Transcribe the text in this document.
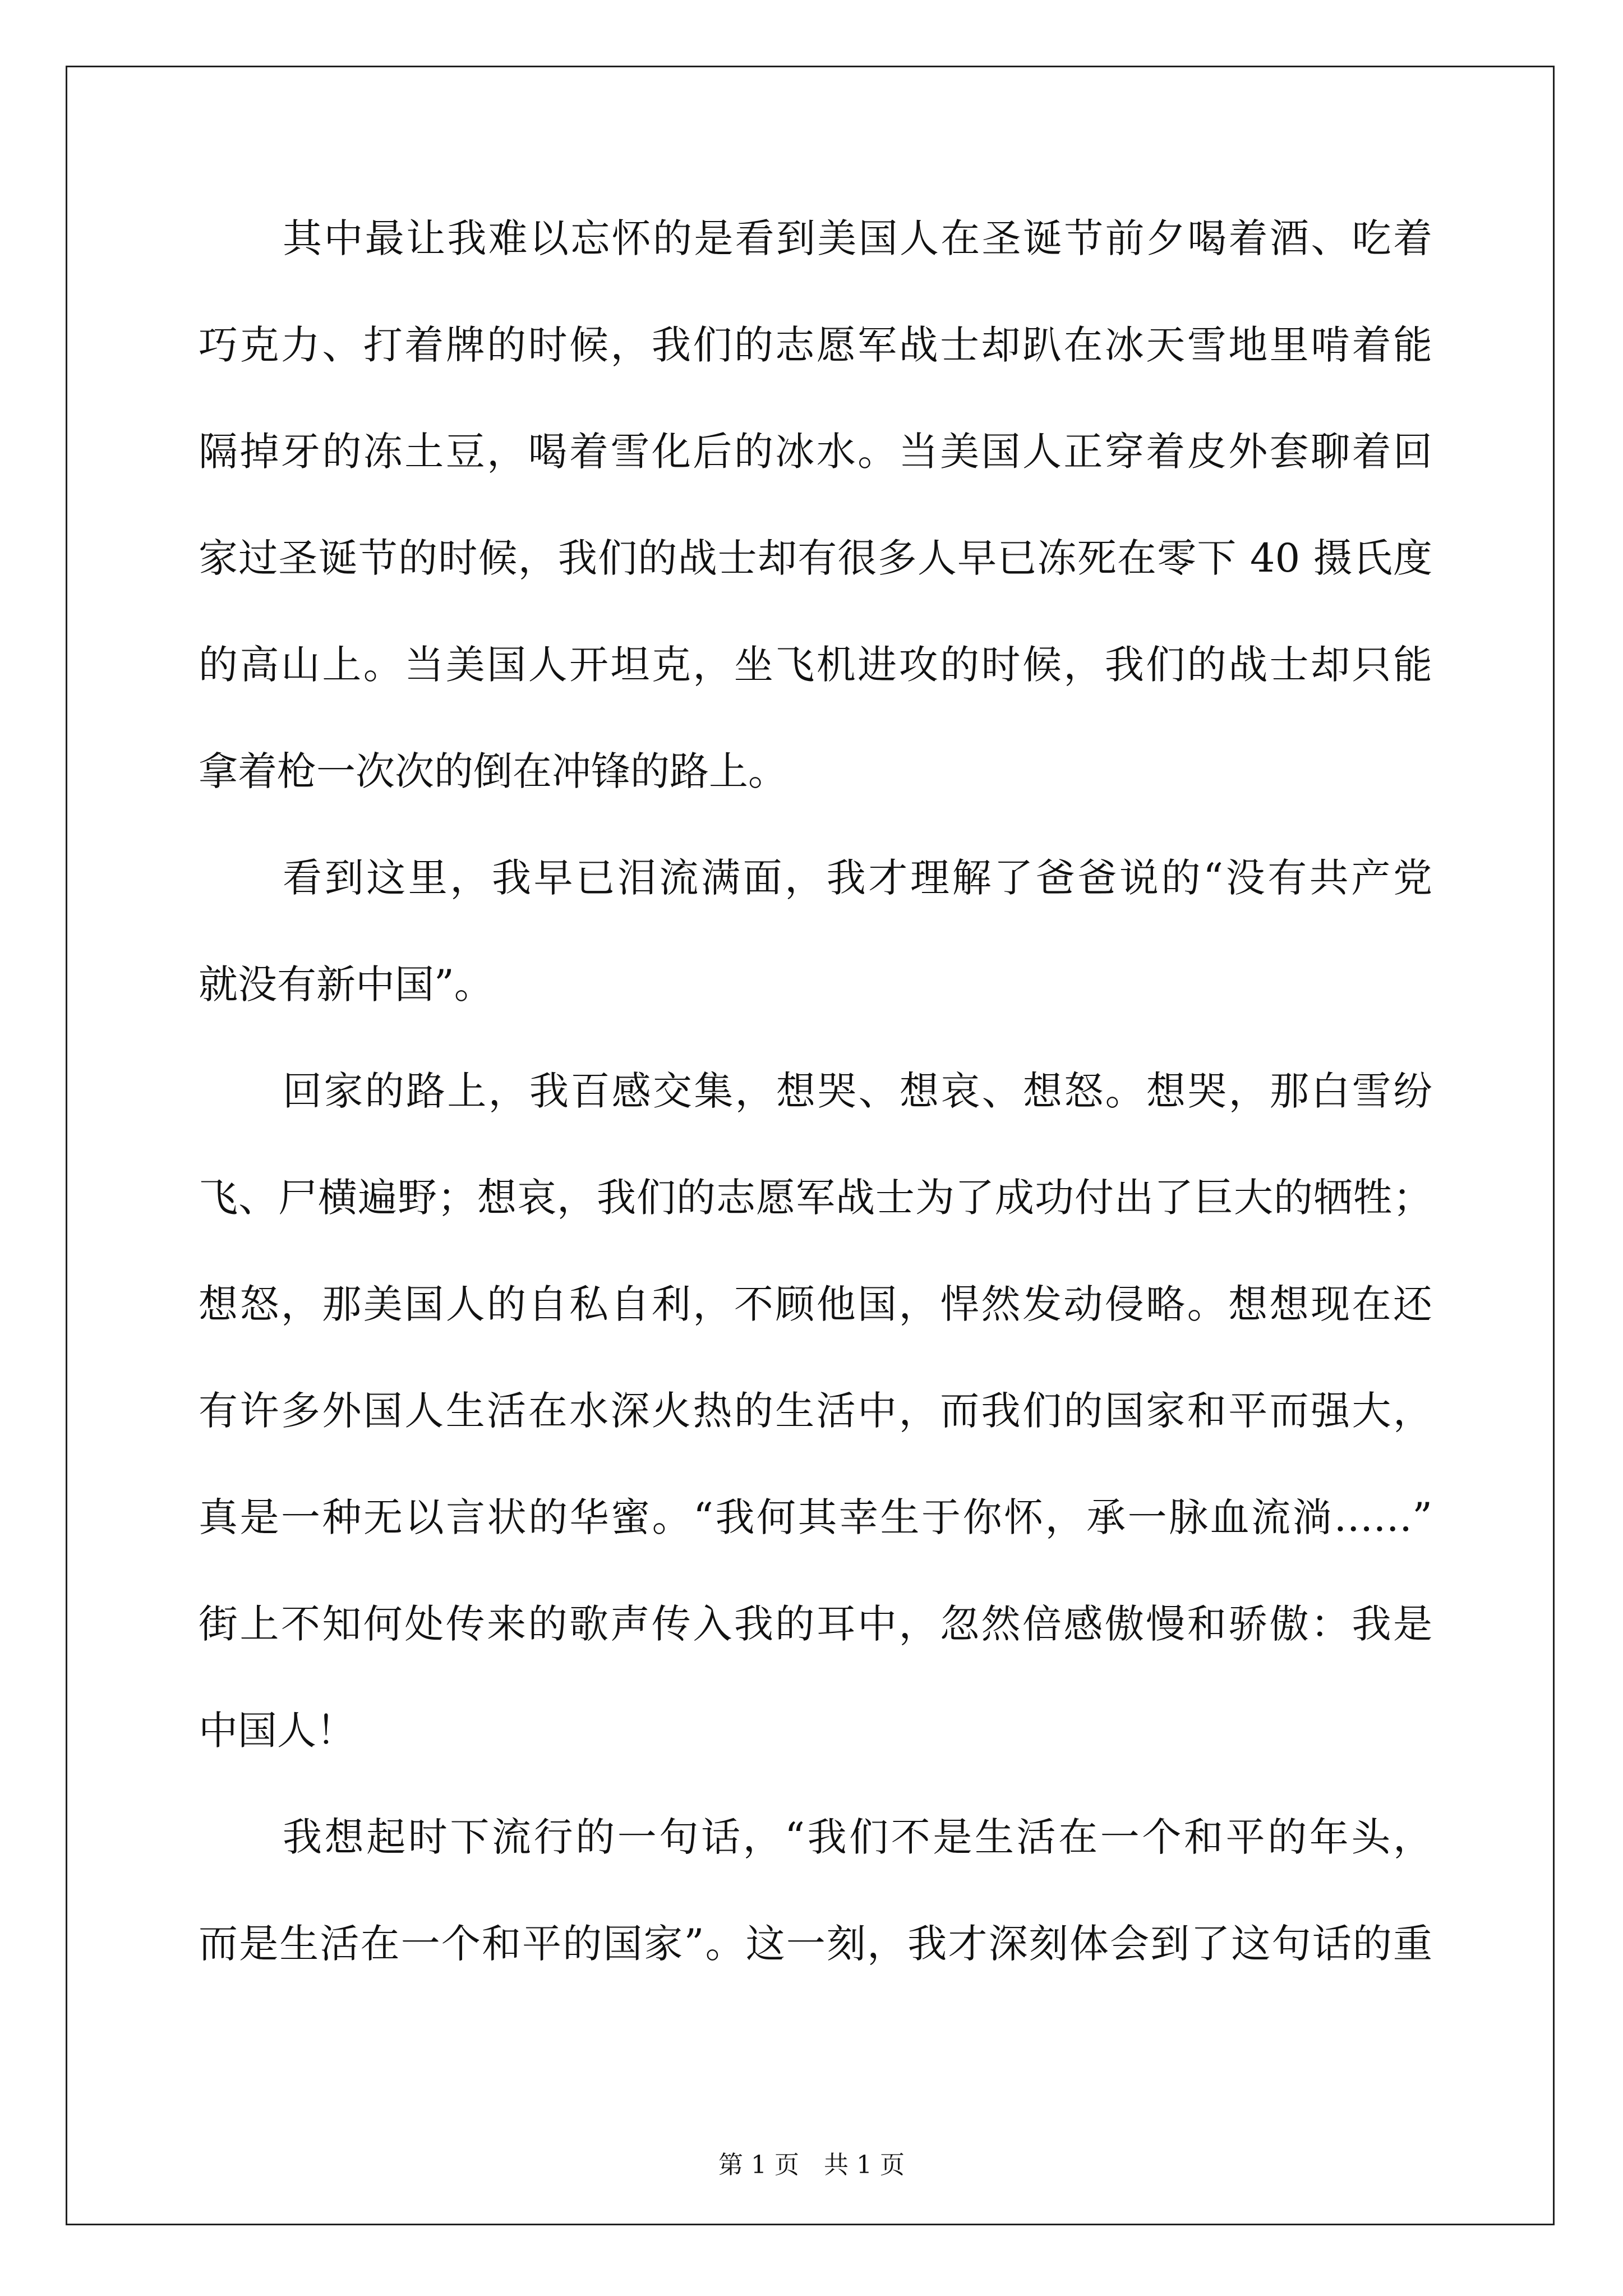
其中最让我难以忘怀的是看到美国人在圣诞节前夕喝着酒、吃着
巧克力、打着牌的时候，我们的志愿军战士却趴在冰天雪地里啃着能
隔掉牙的冻土豆，喝着雪化后的冰水。当美国人正穿着皮外套聊着回
家过圣诞节的时候，我们的战士却有很多人早已冻死在零下 40 摄氏度
的高山上。当美国人开坦克，坐飞机进攻的时候，我们的战士却只能
拿着枪一次次的倒在冲锋的路上。
看到这里，我早已泪流满面，我才理解了爸爸说的“没有共产党
就没有新中国”。
回家的路上，我百感交集，想哭、想哀、想怒。想哭，那白雪纷
飞、尸横遍野；想哀，我们的志愿军战士为了成功付出了巨大的牺牲；
想怒，那美国人的自私自利，不顾他国，悍然发动侵略。想想现在还
有许多外国人生活在水深火热的生活中，而我们的国家和平而强大，
真是一种无以言状的华蜜。“我何其幸生于你怀，承一脉血流淌……”
街上不知何处传来的歌声传入我的耳中，忽然倍感傲慢和骄傲：我是
中国人！
我想起时下流行的一句话，“我们不是生活在一个和平的年头，
而是生活在一个和平的国家”。这一刻，我才深刻体会到了这句话的重
第 1 页　共 1 页
